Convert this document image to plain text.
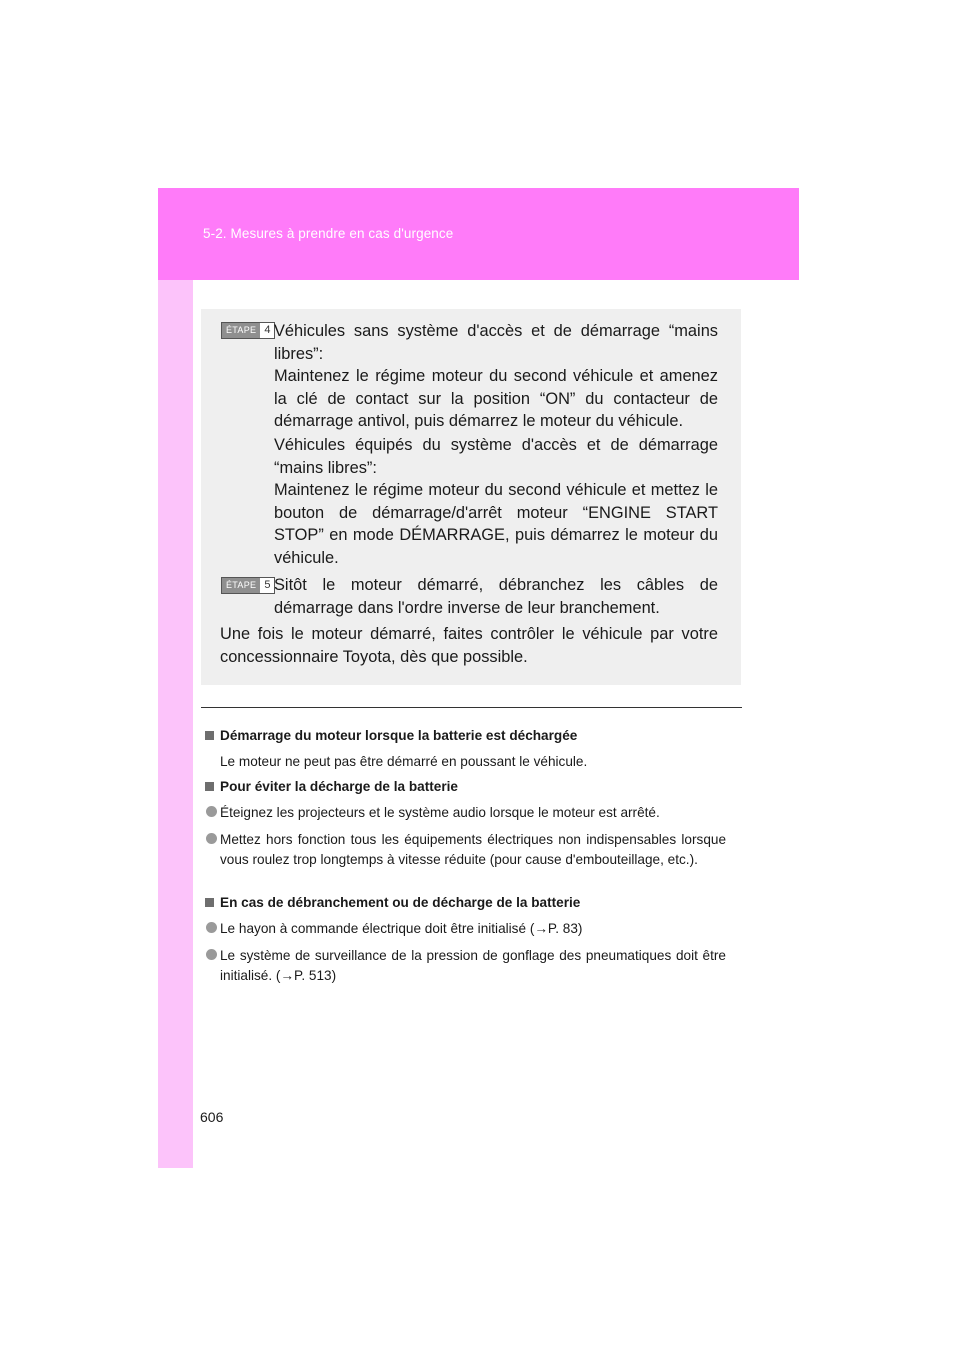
5-2. Mesures à prendre en cas d'urgence
ÉTAPE 4 Véhicules sans système d'accès et de démarrage “mains libres”:
Maintenez le régime moteur du second véhicule et amenez la clé de contact sur la position “ON” du contacteur de démarrage antivol, puis démarrez le moteur du véhicule.
Véhicules équipés du système d'accès et de démarrage “mains libres”:
Maintenez le régime moteur du second véhicule et mettez le bouton de démarrage/d'arrêt moteur “ENGINE START STOP” en mode DÉMARRAGE, puis démarrez le moteur du véhicule.
ÉTAPE 5 Sitôt le moteur démarré, débranchez les câbles de démarrage dans l'ordre inverse de leur branchement.
Une fois le moteur démarré, faites contrôler le véhicule par votre concessionnaire Toyota, dès que possible.
Démarrage du moteur lorsque la batterie est déchargée
Le moteur ne peut pas être démarré en poussant le véhicule.
Pour éviter la décharge de la batterie
Éteignez les projecteurs et le système audio lorsque le moteur est arrêté.
Mettez hors fonction tous les équipements électriques non indispensables lorsque vous roulez trop longtemps à vitesse réduite (pour cause d'embouteillage, etc.).
En cas de débranchement ou de décharge de la batterie
Le hayon à commande électrique doit être initialisé (→P. 83)
Le système de surveillance de la pression de gonflage des pneumatiques doit être initialisé. (→P. 513)
606
